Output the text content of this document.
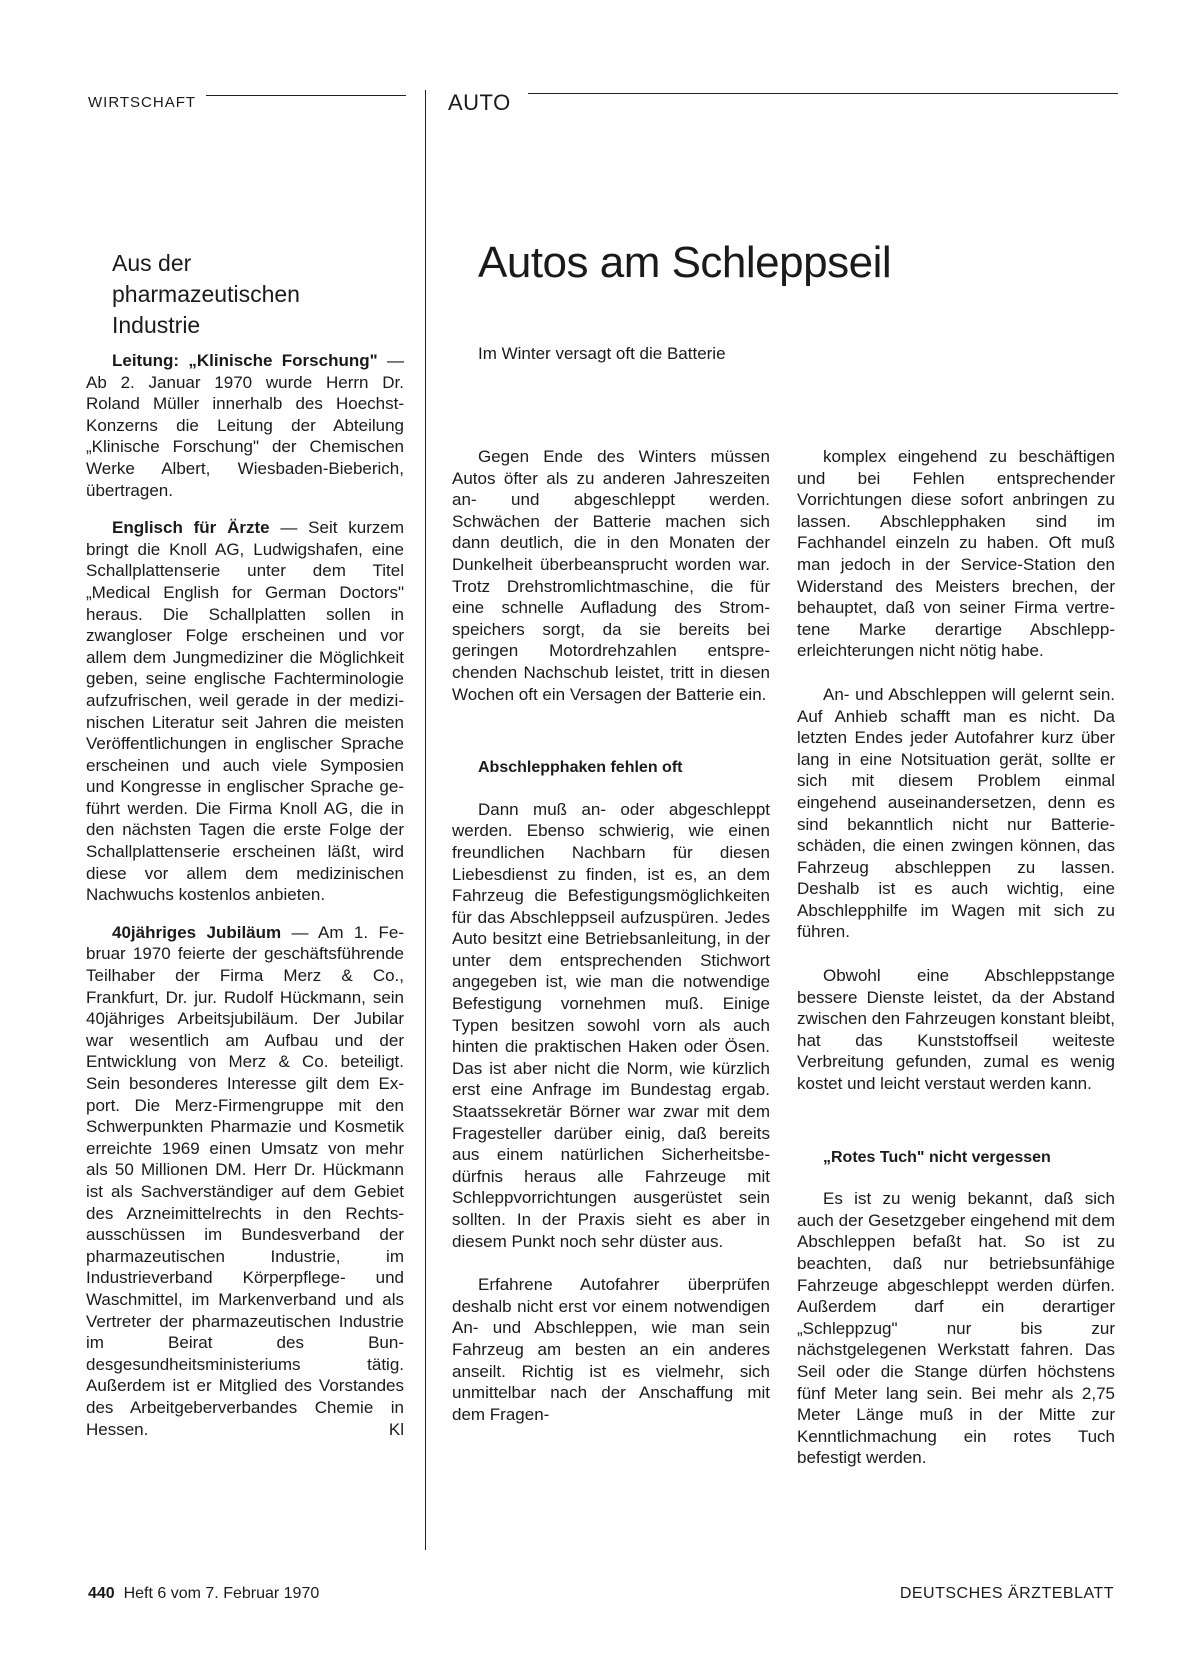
WIRTSCHAFT	AUTO
Aus der
pharmazeutischen
Industrie

Leitung: „Klinische Forschung" — Ab 2. Januar 1970 wurde Herrn Dr. Roland Müller innerhalb des Hoechst-Konzerns die Leitung der Abteilung „Klinische Forschung" der Chemischen Werke Albert, Wiesbaden-Bieberich, übertragen.

Englisch für Ärzte — Seit kurzem bringt die Knoll AG, Ludwigshafen, eine Schallplattenserie unter dem Titel „Medical English for German Doctors" heraus. Die Schallplatten sollen in zwangloser Folge erscheinen und vor allem dem Jungmediziner die Möglichkeit geben, seine englische Fachterminologie aufzufrischen, weil gerade in der medizinischen Literatur seit Jahren die meisten Veröffentlichungen in englischer Sprache erscheinen und auch viele Symposien und Kongresse in englischer Sprache geführt werden. Die Firma Knoll AG, die in den nächsten Tagen die erste Folge der Schallplattenserie erscheinen läßt, wird diese vor allem dem medizinischen Nachwuchs kostenlos anbieten.

40jähriges Jubiläum — Am 1. Februar 1970 feierte der geschäftsführende Teilhaber der Firma Merz & Co., Frankfurt, Dr. jur. Rudolf Hückmann, sein 40jähriges Arbeitsjubiläum. Der Jubilar war wesentlich am Aufbau und der Entwicklung von Merz & Co. beteiligt. Sein besonderes Interesse gilt dem Export. Die Merz-Firmengruppe mit den Schwerpunkten Pharmazie und Kosmetik erreichte 1969 einen Umsatz von mehr als 50 Millionen DM. Herr Dr. Hückmann ist als Sachverständiger auf dem Gebiet des Arzneimittelrechts in den Rechtsausschüssen im Bundesverband der pharmazeutischen Industrie, im Industrieverband Körperpflege- und Waschmittel, im Markenverband und als Vertreter der pharmazeutischen Industrie im Beirat des Bundesgesundheitsministeriums tätig. Außerdem ist er Mitglied des Vorstandes des Arbeitgeberverbandes Chemie in Hessen.	Kl

Autos am Schleppseil
Im Winter versagt oft die Batterie

Gegen Ende des Winters müssen Autos öfter als zu anderen Jahreszeiten an- und abgeschleppt werden. Schwächen der Batterie machen sich dann deutlich, die in den Monaten der Dunkelheit überbeansprucht worden war. Trotz Drehstromlichtmaschine, die für eine schnelle Aufladung des Stromspeichers sorgt, da sie bereits bei geringen Motordrehzahlen entsprechenden Nachschub leistet, tritt in diesen Wochen oft ein Versagen der Batterie ein.

Abschlepphaken fehlen oft

Dann muß an- oder abgeschleppt werden. Ebenso schwierig, wie einen freundlichen Nachbarn für diesen Liebesdienst zu finden, ist es, an dem Fahrzeug die Befestigungsmöglichkeiten für das Abschleppseil aufzuspüren. Jedes Auto besitzt eine Betriebsanleitung, in der unter dem entsprechenden Stichwort angegeben ist, wie man die notwendige Befestigung vornehmen muß. Einige Typen besitzen sowohl vorn als auch hinten die praktischen Haken oder Ösen. Das ist aber nicht die Norm, wie kürzlich erst eine Anfrage im Bundestag ergab. Staatssekretär Börner war zwar mit dem Fragesteller darüber einig, daß bereits aus einem natürlichen Sicherheitsbedürfnis heraus alle Fahrzeuge mit Schleppvorrichtungen ausgerüstet sein sollten. In der Praxis sieht es aber in diesem Punkt noch sehr düster aus.

Erfahrene Autofahrer überprüfen deshalb nicht erst vor einem notwendigen An- und Abschleppen, wie man sein Fahrzeug am besten an ein anderes anseilt. Richtig ist es vielmehr, sich unmittelbar nach der Anschaffung mit dem Fragen-

komplex eingehend zu beschäftigen und bei Fehlen entsprechender Vorrichtungen diese sofort anbringen zu lassen. Abschlepphaken sind im Fachhandel einzeln zu haben. Oft muß man jedoch in der Service-Station den Widerstand des Meisters brechen, der behauptet, daß von seiner Firma vertretene Marke derartige Abschlepperleichterungen nicht nötig habe.

An- und Abschleppen will gelernt sein. Auf Anhieb schafft man es nicht. Da letzten Endes jeder Autofahrer kurz über lang in eine Notsituation gerät, sollte er sich mit diesem Problem einmal eingehend auseinandersetzen, denn es sind bekanntlich nicht nur Batterieschäden, die einen zwingen können, das Fahrzeug abschleppen zu lassen. Deshalb ist es auch wichtig, eine Abschlepphilfe im Wagen mit sich zu führen.

Obwohl eine Abschleppstange bessere Dienste leistet, da der Abstand zwischen den Fahrzeugen konstant bleibt, hat das Kunststoffseil weiteste Verbreitung gefunden, zumal es wenig kostet und leicht verstaut werden kann.

„Rotes Tuch" nicht vergessen

Es ist zu wenig bekannt, daß sich auch der Gesetzgeber eingehend mit dem Abschleppen befaßt hat. So ist zu beachten, daß nur betriebsunfähige Fahrzeuge abgeschleppt werden dürfen. Außerdem darf ein derartiger „Schleppzug" nur bis zur nächstgelegenen Werkstatt fahren. Das Seil oder die Stange dürfen höchstens fünf Meter lang sein. Bei mehr als 2,75 Meter Länge muß in der Mitte zur Kenntlichmachung ein rotes Tuch befestigt werden.

440 Heft 6 vom 7. Februar 1970	DEUTSCHES ÄRZTEBLATT
